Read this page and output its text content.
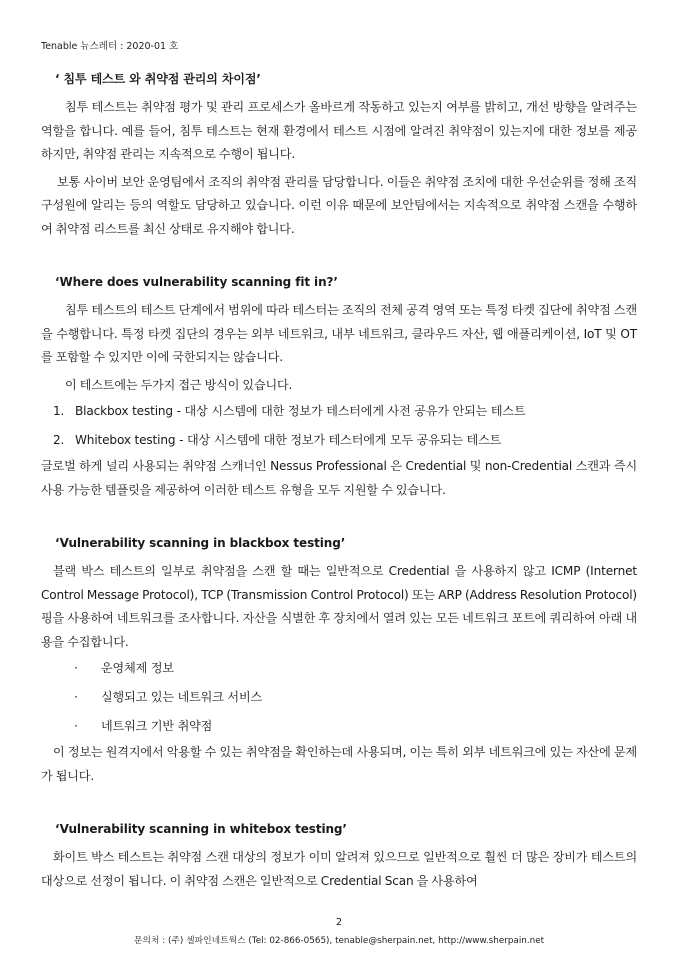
Tenable 뉴스레터 : 2020-01 호
‘ 침투 테스트 와 취약점 관리의 차이점’

침투 테스트는 취약점 평가 및 관리 프로세스가 올바르게 작동하고 있는지 여부를 밝히고, 개선 방향을 알려주는 역할을 합니다. 예를 들어, 침투 테스트는 현재 환경에서 테스트 시점에 알려진 취약점이 있는지에 대한 정보를 제공하지만, 취약점 관리는 지속적으로 수행이 됩니다.

보통 사이버 보안 운영팀에서 조직의 취약점 관리를 담당합니다. 이들은 취약점 조치에 대한 우선순위를 정해 조직 구성원에 알리는 등의 역할도 담당하고 있습니다. 이런 이유 때문에 보안팀에서는 지속적으로 취약점 스캔을 수행하여 취약점 리스트를 최신 상태로 유지해야 합니다.

‘Where does vulnerability scanning fit in?’

침투 테스트의 테스트 단계에서 범위에 따라 테스터는 조직의 전체 공격 영역 또는 특정 타켓 집단에 취약점 스캔을 수행합니다. 특정 타켓 집단의 경우는 외부 네트워크, 내부 네트워크, 클라우드 자산, 웹 애플리케이션, IoT 및 OT 를 포함할 수 있지만 이에 국한되지는 않습니다.

이 테스트에는 두가지 접근 방식이 있습니다.

1. Blackbox testing - 대상 시스템에 대한 정보가 테스터에게 사전 공유가 안되는 테스트
2. Whitebox testing - 대상 시스템에 대한 정보가 테스터에게 모두 공유되는 테스트

글로벌 하게 널리 사용되는 취약점 스캐너인 Nessus Professional 은 Credential 및 non-Credential 스캔과 즉시 사용 가능한 템플릿을 제공하여 이러한 테스트 유형을 모두 지원할 수 있습니다.

‘Vulnerability scanning in blackbox testing’

블랙 박스 테스트의 일부로 취약점을 스캔 할 때는 일반적으로 Credential 을 사용하지 않고 ICMP (Internet Control Message Protocol), TCP (Transmission Control Protocol) 또는 ARP (Address Resolution Protocol) 핑을 사용하여 네트워크를 조사합니다. 자산을 식별한 후 장치에서 열려 있는 모든 네트워크 포트에 쿼리하여 아래 내용을 수집합니다.

· 운영체제 정보
· 실행되고 있는 네트워크 서비스
· 네트워크 기반 취약점

이 정보는 원격지에서 악용할 수 있는 취약점을 확인하는데 사용되며, 이는 특히 외부 네트워크에 있는 자산에 문제가 됩니다.

‘Vulnerability scanning in whitebox testing’

화이트 박스 테스트는 취약점 스캔 대상의 정보가 이미 알려져 있으므로 일반적으로 훨씬 더 많은 장비가 테스트의 대상으로 선정이 됩니다. 이 취약점 스캔은 일반적으로 Credential Scan 을 사용하여

2
문의처 : (주) 셀파인네트웍스 (Tel: 02-866-0565), tenable@sherpain.net, http://www.sherpain.net
